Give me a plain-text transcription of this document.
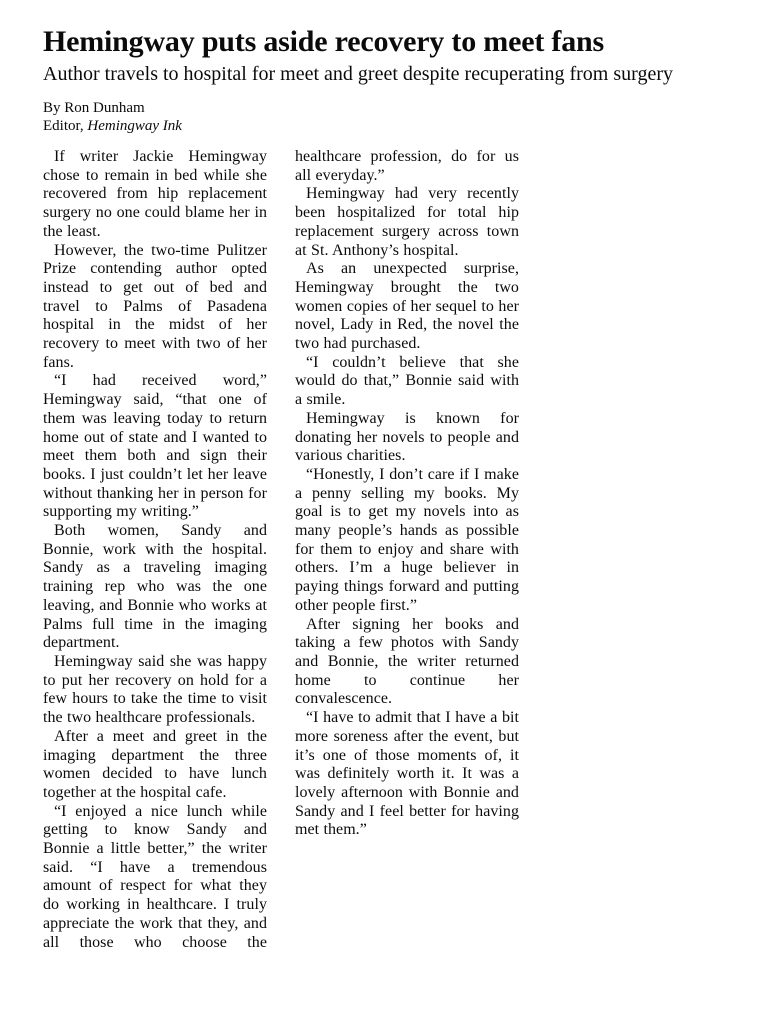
Hemingway puts aside recovery to meet fans
Author travels to hospital for meet and greet despite recuperating from surgery
By Ron Dunham
Editor, Hemingway Ink

If writer Jackie Hemingway chose to remain in bed while she recovered from hip replacement surgery no one could blame her in the least.

However, the two-time Pulitzer Prize contending author opted instead to get out of bed and travel to Palms of Pasadena hospital in the midst of her recovery to meet with two of her fans.

“I had received word,” Hemingway said, “that one of them was leaving today to return home out of state and I wanted to meet them both and sign their books. I just couldn’t let her leave without thanking her in person for supporting my writing.”

Both women, Sandy and Bonnie, work with the hospital. Sandy as a traveling imaging training rep who was the one leaving, and Bonnie who works at Palms full time in the imaging department.

Hemingway said she was happy to put her recovery on hold for a few hours to take the time to visit the two healthcare professionals.

After a meet and greet in the imaging department the three women decided to have lunch together at the hospital cafe.

“I enjoyed a nice lunch while getting to know Sandy and Bonnie a little better,” the writer said. “I have a tremendous amount of respect for what they do working in healthcare. I truly appreciate the work that they, and all those who choose the

healthcare profession, do for us all everyday.”

Hemingway had very recently been hospitalized for total hip replacement surgery across town at St. Anthony’s hospital.

As an unexpected surprise, Hemingway brought the two women copies of her sequel to her novel, Lady in Red, the novel the two had purchased.

“I couldn’t believe that she would do that,” Bonnie said with a smile.

Hemingway is known for donating her novels to people and various charities.

“Honestly, I don’t care if I make a penny selling my books. My goal is to get my novels into as many people’s hands as possible for them to enjoy and share with others. I’m a huge believer in paying things forward and putting other people first.”

After signing her books and taking a few photos with Sandy and Bonnie, the writer returned home to continue her convalescence.

“I have to admit that I have a bit more soreness after the event, but it’s one of those moments of, it was definitely worth it. It was a lovely afternoon with Bonnie and Sandy and I feel better for having met them.”
